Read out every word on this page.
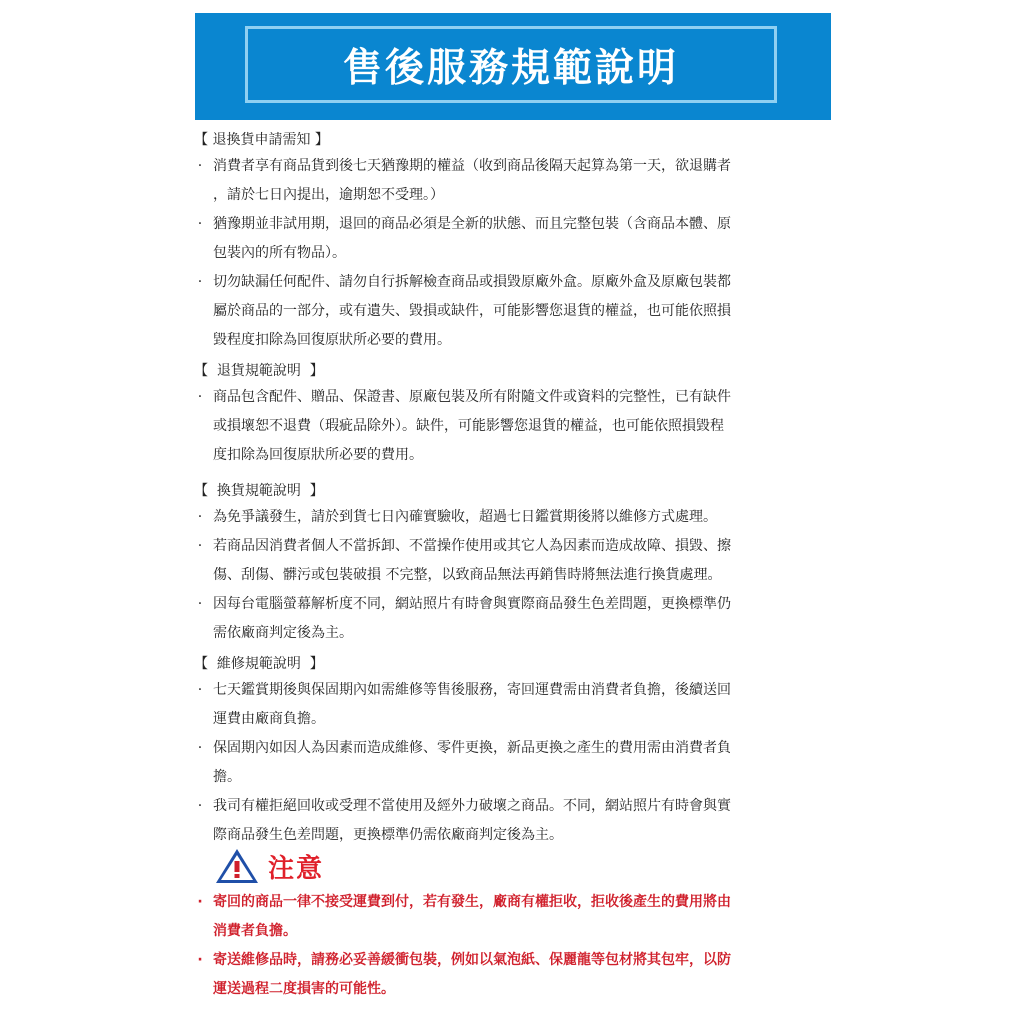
售後服務規範說明
【 退換貨申請需知 】
· 消費者享有商品貨到後七天猶豫期的權益（收到商品後隔天起算為第一天，欲退購者
，請於七日內提出，逾期恕不受理。）
· 猶豫期並非試用期，退回的商品必須是全新的狀態、而且完整包裝（含商品本體、原
包裝內的所有物品）。
· 切勿缺漏任何配件、請勿自行拆解檢查商品或損毀原廠外盒。原廠外盒及原廠包裝都
屬於商品的一部分，或有遺失、毀損或缺件，可能影響您退貨的權益，也可能依照損
毀程度扣除為回復原狀所必要的費用。
【  退貨規範說明  】
· 商品包含配件、贈品、保證書、原廠包裝及所有附隨文件或資料的完整性，已有缺件
或損壞恕不退費（瑕疵品除外）。缺件，可能影響您退貨的權益，也可能依照損毀程
度扣除為回復原狀所必要的費用。
【  換貨規範說明  】
· 為免爭議發生，請於到貨七日內確實驗收，超過七日鑑賞期後將以維修方式處理。
· 若商品因消費者個人不當拆卸、不當操作使用或其它人為因素而造成故障、損毀、擦
傷、刮傷、髒污或包裝破損 不完整，以致商品無法再銷售時將無法進行換貨處理。
· 因每台電腦螢幕解析度不同，網站照片有時會與實際商品發生色差問題，更換標準仍
需依廠商判定後為主。
【  維修規範說明  】
· 七天鑑賞期後與保固期內如需維修等售後服務，寄回運費需由消費者負擔，後續送回
運費由廠商負擔。
· 保固期內如因人為因素而造成維修、零件更換，新品更換之產生的費用需由消費者負
擔。
· 我司有權拒絕回收或受理不當使用及經外力破壞之商品。不同，網站照片有時會與實
際商品發生色差問題，更換標準仍需依廠商判定後為主。
注意
· 寄回的商品一律不接受運費到付，若有發生，廠商有權拒收，拒收後產生的費用將由
消費者負擔。
· 寄送維修品時，請務必妥善緩衝包裝，例如以氣泡紙、保麗龍等包材將其包牢，以防
運送過程二度損害的可能性。
